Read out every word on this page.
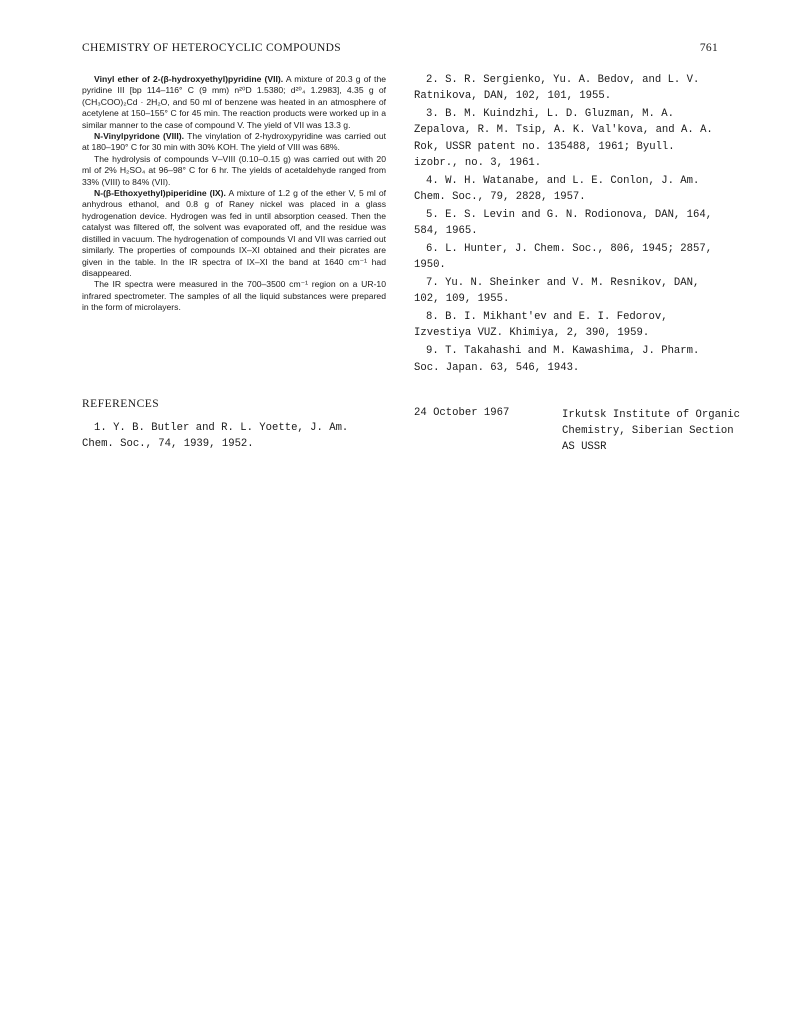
CHEMISTRY OF HETEROCYCLIC COMPOUNDS	761

Vinyl ether of 2-(β-hydroxyethyl)pyridine (VII). A mixture of 20.3 g of the pyridine III [bp 114–116° C (9 mm) n²⁰D 1.5380; d²⁰₄ 1.2983], 4.35 g of (CH₃COO)₂Cd · 2H₂O, and 50 ml of benzene was heated in an atmosphere of acetylene at 150–155° C for 45 min. The reaction products were worked up in a similar manner to the case of compound V. The yield of VII was 13.3 g.

N-Vinylpyridone (VIII). The vinylation of 2-hydroxypyridine was carried out at 180–190° C for 30 min with 30% KOH. The yield of VIII was 68%.

The hydrolysis of compounds V–VIII (0.10–0.15 g) was carried out with 20 ml of 2% H₂SO₄ at 96–98° C for 6 hr. The yields of acetaldehyde ranged from 33% (VIII) to 84% (VII).

N-(β-Ethoxyethyl)piperidine (IX). A mixture of 1.2 g of the ether V, 5 ml of anhydrous ethanol, and 0.8 g of Raney nickel was placed in a glass hydrogenation device. Hydrogen was fed in until absorption ceased. Then the catalyst was filtered off, the solvent was evaporated off, and the residue was distilled in vacuum. The hydrogenation of compounds VI and VII was carried out similarly. The properties of compounds IX–XI obtained and their picrates are given in the table. In the IR spectra of IX–XI the band at 1640 cm⁻¹ had disappeared.

The IR spectra were measured in the 700–3500 cm⁻¹ region on a UR-10 infrared spectrometer. The samples of all the liquid substances were prepared in the form of microlayers.

REFERENCES
1. Y. B. Butler and R. L. Yoette, J. Am. Chem. Soc., 74, 1939, 1952.
2. S. R. Sergienko, Yu. A. Bedov, and L. V. Ratnikova, DAN, 102, 101, 1955.
3. B. M. Kuindzhi, L. D. Gluzman, M. A. Zepalova, R. M. Tsip, A. K. Val'kova, and A. A. Rok, USSR patent no. 135488, 1961; Byull. izobr., no. 3, 1961.
4. W. H. Watanabe, and L. E. Conlon, J. Am. Chem. Soc., 79, 2828, 1957.
5. E. S. Levin and G. N. Rodionova, DAN, 164, 584, 1965.
6. L. Hunter, J. Chem. Soc., 806, 1945; 2857, 1950.
7. Yu. N. Sheinker and V. M. Resnikov, DAN, 102, 109, 1955.
8. B. I. Mikhant'ev and E. I. Fedorov, Izvestiya VUZ. Khimiya, 2, 390, 1959.
9. T. Takahashi and M. Kawashima, J. Pharm. Soc. Japan. 63, 546, 1943.
24 October 1967	Irkutsk Institute of Organic
Chemistry, Siberian Section
AS USSR
